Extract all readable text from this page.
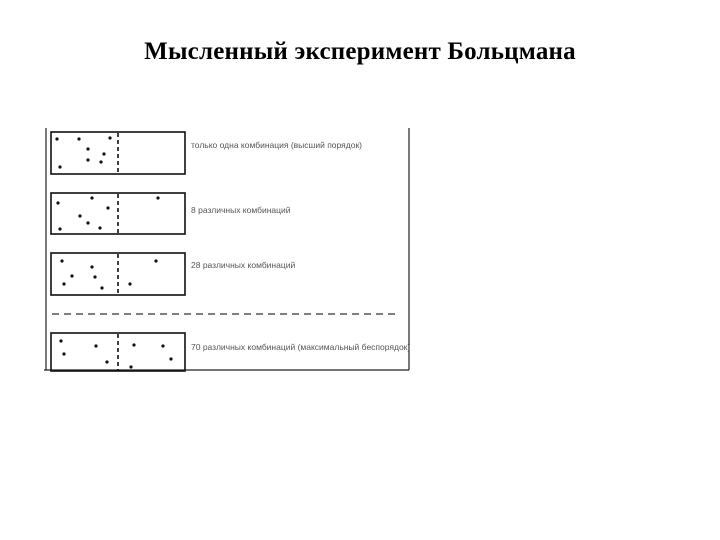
Мысленный эксперимент Больцмана
только одна комбинация (высший порядок)
8 различных комбинаций
28 различных комбинаций
70 различных комбинаций (максимальный беспорядок)
